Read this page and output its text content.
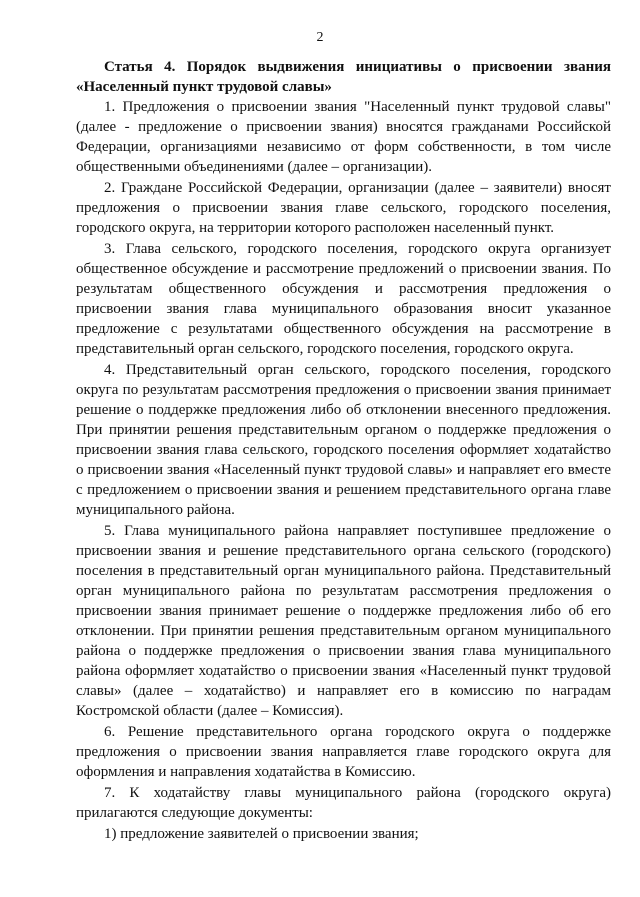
2

Статья 4. Порядок выдвижения инициативы о присвоении звания «Населенный пункт трудовой славы»

1. Предложения о присвоении звания "Населенный пункт трудовой славы" (далее - предложение о присвоении звания) вносятся гражданами Российской Федерации, организациями независимо от форм собственности, в том числе общественными объединениями (далее – организации).

2. Граждане Российской Федерации, организации (далее – заявители) вносят предложения о присвоении звания главе сельского, городского поселения, городского округа, на территории которого расположен населенный пункт.

3. Глава сельского, городского поселения, городского округа организует общественное обсуждение и рассмотрение предложений о присвоении звания. По результатам общественного обсуждения и рассмотрения предложения о присвоении звания глава муниципального образования вносит указанное предложение с результатами общественного обсуждения на рассмотрение в представительный орган сельского, городского поселения, городского округа.

4. Представительный орган сельского, городского поселения, городского округа по результатам рассмотрения предложения о присвоении звания принимает решение о поддержке предложения либо об отклонении внесенного предложения. При принятии решения представительным органом о поддержке предложения о присвоении звания глава сельского, городского поселения оформляет ходатайство о присвоении звания «Населенный пункт трудовой славы» и направляет его вместе с предложением о присвоении звания и решением представительного органа главе муниципального района.

5. Глава муниципального района направляет поступившее предложение о присвоении звания и решение представительного органа сельского (городского) поселения в представительный орган муниципального района. Представительный орган муниципального района по результатам рассмотрения предложения о присвоении звания принимает решение о поддержке предложения либо об его отклонении. При принятии решения представительным органом муниципального района о поддержке предложения о присвоении звания глава муниципального района оформляет ходатайство о присвоении звания «Населенный пункт трудовой славы» (далее – ходатайство) и направляет его в комиссию по наградам Костромской области (далее – Комиссия).

6. Решение представительного органа городского округа о поддержке предложения о присвоении звания направляется главе городского округа для оформления и направления ходатайства в Комиссию.

7. К ходатайству главы муниципального района (городского округа) прилагаются следующие документы:

1) предложение заявителей о присвоении звания;
